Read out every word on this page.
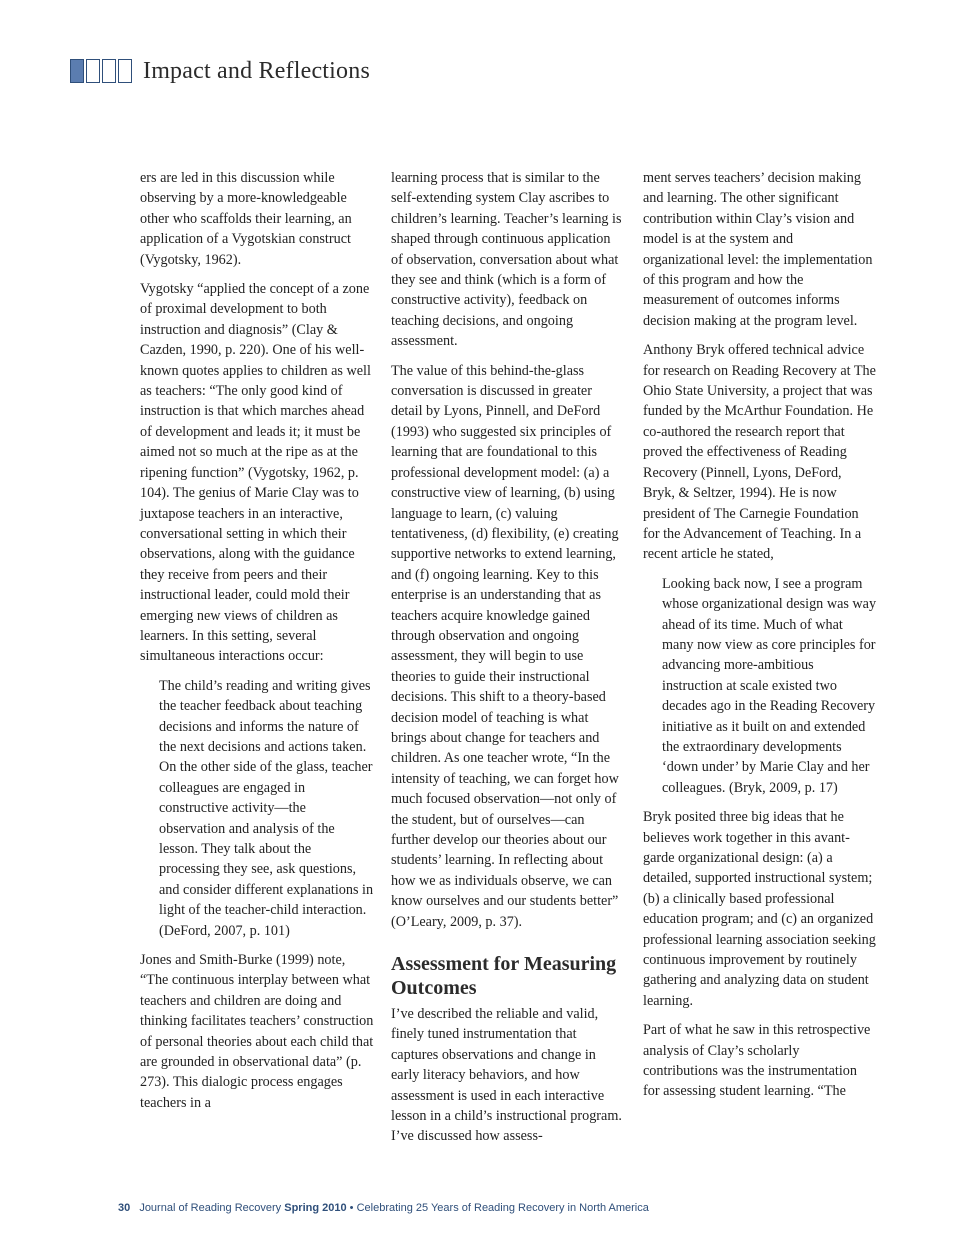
Impact and Reflections

ers are led in this discussion while observing by a more-knowledgeable other who scaffolds their learning, an application of a Vygotskian construct (Vygotsky, 1962).

Vygotsky “applied the concept of a zone of proximal development to both instruction and diagnosis” (Clay & Cazden, 1990, p. 220). One of his well-known quotes applies to children as well as teachers: “The only good kind of instruction is that which marches ahead of development and leads it; it must be aimed not so much at the ripe as at the ripening function” (Vygotsky, 1962, p. 104). The genius of Marie Clay was to juxtapose teachers in an interactive, conversational setting in which their observations, along with the guidance they receive from peers and their instructional leader, could mold their emerging new views of children as learners. In this setting, several simultaneous interactions occur:

The child’s reading and writing gives the teacher feedback about teaching decisions and informs the nature of the next decisions and actions taken. On the other side of the glass, teacher colleagues are engaged in constructive activity—the observation and analysis of the lesson. They talk about the processing they see, ask questions, and consider different explanations in light of the teacher-child interaction. (DeFord, 2007, p. 101)

Jones and Smith-Burke (1999) note, “The continuous interplay between what teachers and children are doing and thinking facilitates teachers’ construction of personal theories about each child that are grounded in observational data” (p. 273). This dialogic process engages teachers in a

learning process that is similar to the self-extending system Clay ascribes to children’s learning. Teacher’s learning is shaped through continuous application of observation, conversation about what they see and think (which is a form of constructive activity), feedback on teaching decisions, and ongoing assessment.

The value of this behind-the-glass conversation is discussed in greater detail by Lyons, Pinnell, and DeFord (1993) who suggested six principles of learning that are foundational to this professional development model: (a) a constructive view of learning, (b) using language to learn, (c) valuing tentativeness, (d) flexibility, (e) creating supportive networks to extend learning, and (f) ongoing learning. Key to this enterprise is an understanding that as teachers acquire knowledge gained through observation and ongoing assessment, they will begin to use theories to guide their instructional decisions. This shift to a theory-based decision model of teaching is what brings about change for teachers and children. As one teacher wrote, “In the intensity of teaching, we can forget how much focused observation—not only of the student, but of ourselves—can further develop our theories about our students’ learning. In reflecting about how we as individuals observe, we can know ourselves and our students better” (O’Leary, 2009, p. 37).

Assessment for Measuring Outcomes

I’ve described the reliable and valid, finely tuned instrumentation that captures observations and change in early literacy behaviors, and how assessment is used in each interactive lesson in a child’s instructional program. I’ve discussed how assess-

ment serves teachers’ decision making and learning. The other significant contribution within Clay’s vision and model is at the system and organizational level: the implementation of this program and how the measurement of outcomes informs decision making at the program level.

Anthony Bryk offered technical advice for research on Reading Recovery at The Ohio State University, a project that was funded by the McArthur Foundation. He co-authored the research report that proved the effectiveness of Reading Recovery (Pinnell, Lyons, DeFord, Bryk, & Seltzer, 1994). He is now president of The Carnegie Foundation for the Advancement of Teaching. In a recent article he stated,

Looking back now, I see a program whose organizational design was way ahead of its time. Much of what many now view as core principles for advancing more-ambitious instruction at scale existed two decades ago in the Reading Recovery initiative as it built on and extended the extraordinary developments ‘down under’ by Marie Clay and her colleagues. (Bryk, 2009, p. 17)

Bryk posited three big ideas that he believes work together in this avant-garde organizational design: (a) a detailed, supported instructional system; (b) a clinically based professional education program; and (c) an organized professional learning association seeking continuous improvement by routinely gathering and analyzing data on student learning.

Part of what he saw in this retrospective analysis of Clay’s scholarly contributions was the instrumentation for assessing student learning. “The

30 Journal of Reading Recovery Spring 2010 • Celebrating 25 Years of Reading Recovery in North America
